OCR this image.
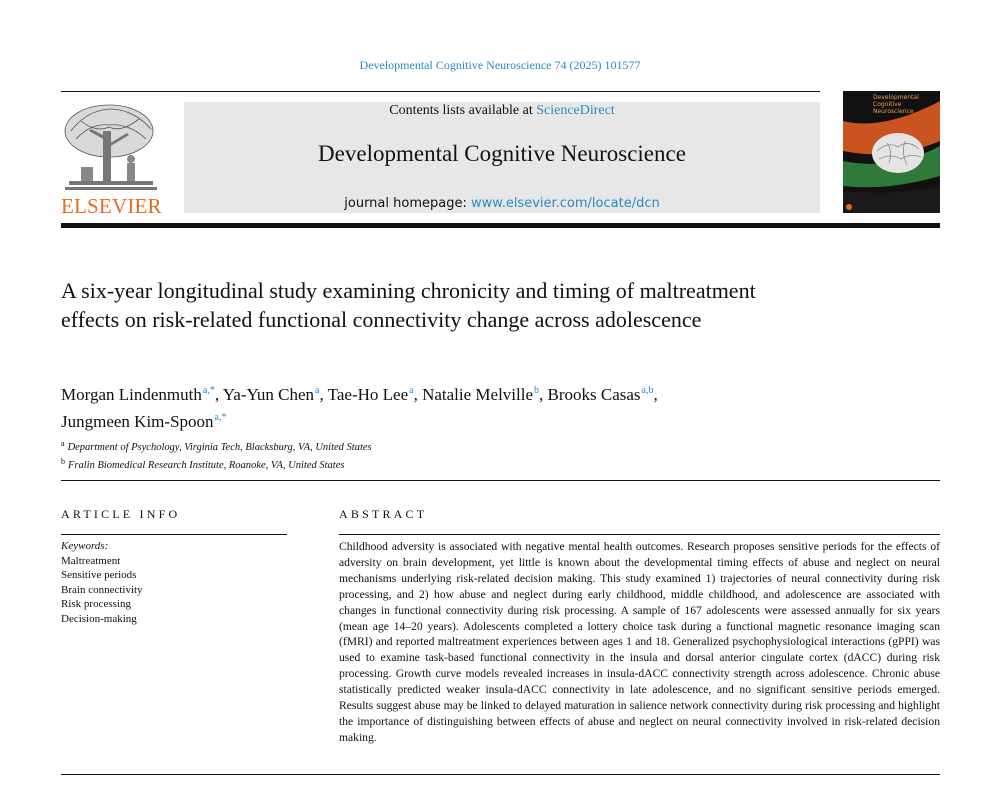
Developmental Cognitive Neuroscience 74 (2025) 101577
ELSEVIER
Contents lists available at ScienceDirect
Developmental Cognitive Neuroscience
journal homepage: www.elsevier.com/locate/dcn
Developmental Cognitive Neuroscience
A six-year longitudinal study examining chronicity and timing of maltreatment effects on risk-related functional connectivity change across adolescence
Morgan Lindenmuth$^{a,*}$, Ya-Yun Chen$^a$, Tae-Ho Lee$^a$, Natalie Melville$^b$, Brooks Casas$^{a,b}$,
Jungmeen Kim-Spoon$^{a,*}$
$^a$ Department of Psychology, Virginia Tech, Blacksburg, VA, United States
$^b$ Fralin Biomedical Research Institute, Roanoke, VA, United States
ARTICLE INFO
Keywords:
Maltreatment
Sensitive periods
Brain connectivity
Risk processing
Decision-making
ABSTRACT
Childhood adversity is associated with negative mental health outcomes. Research proposes sensitive periods for the effects of adversity on brain development, yet little is known about the developmental timing effects of abuse and neglect on neural mechanisms underlying risk-related decision making. This study examined 1) trajectories of neural connectivity during risk processing, and 2) how abuse and neglect during early childhood, middle childhood, and adolescence are associated with changes in functional connectivity during risk processing. A sample of 167 adolescents were assessed annually for six years (mean age 14–20 years). Adolescents completed a lottery choice task during a functional magnetic resonance imaging scan (fMRI) and reported maltreatment experiences between ages 1 and 18. Generalized psychophysiological interactions (gPPI) was used to examine task-based functional connectivity in the insula and dorsal anterior cingulate cortex (dACC) during risk processing. Growth curve models revealed increases in insula-dACC connectivity strength across adolescence. Chronic abuse statistically predicted weaker insula-dACC connectivity in late adolescence, and no significant sensitive periods emerged. Results suggest abuse may be linked to delayed maturation in salience network connectivity during risk processing and highlight the importance of distinguishing between effects of abuse and neglect on neural connectivity involved in risk-related decision making.
